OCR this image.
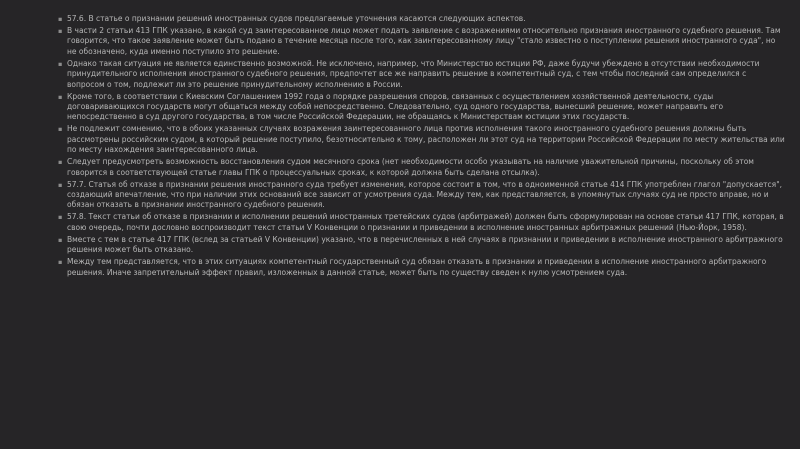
▪ 57.6. В статье о признании решений иностранных судов предлагаемые уточнения касаются следующих аспектов.
▪ В части 2 статьи 413 ГПК указано, в какой суд заинтересованное лицо может подать заявление с возражениями относительно признания иностранного судебного решения. Там говорится, что такое заявление может быть подано в течение месяца после того, как заинтересованному лицу "стало известно о поступлении решения иностранного суда", но не обозначено, куда именно поступило это решение.
▪ Однако такая ситуация не является единственно возможной. Не исключено, например, что Министерство юстиции РФ, даже будучи убеждено в отсутствии необходимости принудительного исполнения иностранного судебного решения, предпочтет все же направить решение в компетентный суд, с тем чтобы последний сам определился с вопросом о том, подлежит ли это решение принудительному исполнению в России.
▪ Кроме того, в соответствии с Киевским Соглашением 1992 года о порядке разрешения споров, связанных с осуществлением хозяйственной деятельности, суды договаривающихся государств могут общаться между собой непосредственно. Следовательно, суд одного государства, вынесший решение, может направить его непосредственно в суд другого государства, в том числе Российской Федерации, не обращаясь к Министерствам юстиции этих государств.
▪ Не подлежит сомнению, что в обоих указанных случаях возражения заинтересованного лица против исполнения такого иностранного судебного решения должны быть рассмотрены российским судом, в который решение поступило, безотносительно к тому, расположен ли этот суд на территории Российской Федерации по месту жительства или по месту нахождения заинтересованного лица.
▪ Следует предусмотреть возможность восстановления судом месячного срока (нет необходимости особо указывать на наличие уважительной причины, поскольку об этом говорится в соответствующей статье главы ГПК о процессуальных сроках, к которой должна быть сделана отсылка).
▪ 57.7. Статья об отказе в признании решения иностранного суда требует изменения, которое состоит в том, что в одноименной статье 414 ГПК употреблен глагол "допускается", создающий впечатление, что при наличии этих оснований все зависит от усмотрения суда. Между тем, как представляется, в упомянутых случаях суд не просто вправе, но и обязан отказать в признании иностранного судебного решения.
▪ 57.8. Текст статьи об отказе в признании и исполнении решений иностранных третейских судов (арбитражей) должен быть сформулирован на основе статьи 417 ГПК, которая, в свою очередь, почти дословно воспроизводит текст статьи V Конвенции о признании и приведении в исполнение иностранных арбитражных решений (Нью-Йорк, 1958).
▪ Вместе с тем в статье 417 ГПК (вслед за статьей V Конвенции) указано, что в перечисленных в ней случаях в признании и приведении в исполнение иностранного арбитражного решения может быть отказано.
▪ Между тем представляется, что в этих ситуациях компетентный государственный суд обязан отказать в признании и приведении в исполнение иностранного арбитражного решения. Иначе запретительный эффект правил, изложенных в данной статье, может быть по существу сведен к нулю усмотрением суда.
